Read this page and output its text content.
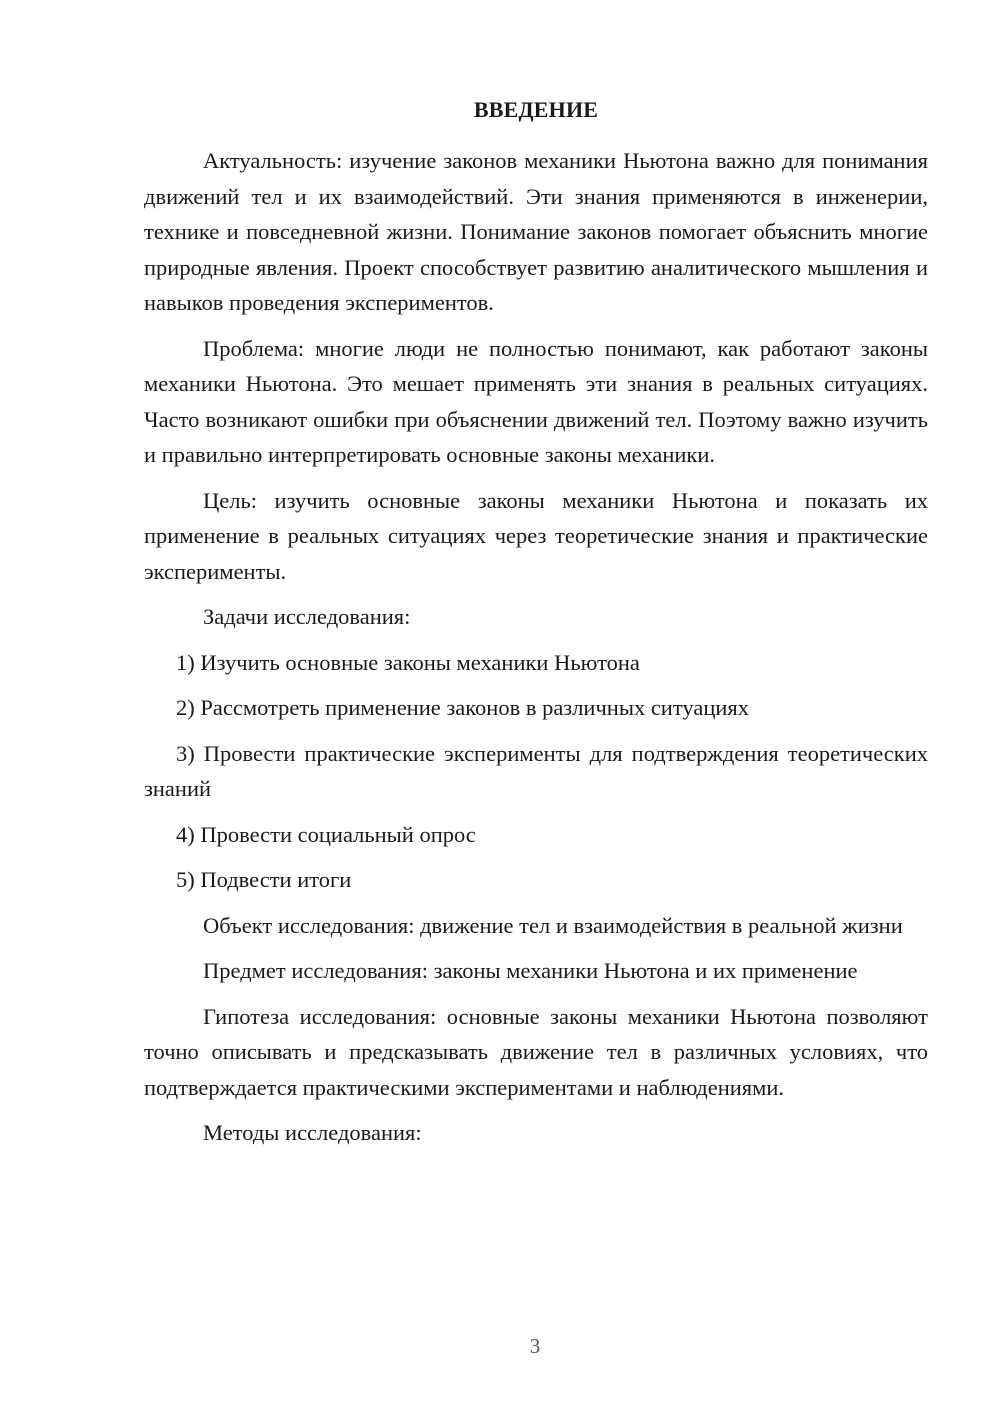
ВВЕДЕНИЕ

Актуальность: изучение законов механики Ньютона важно для понимания движений тел и их взаимодействий. Эти знания применяются в инженерии, технике и повседневной жизни. Понимание законов помогает объяснить многие природные явления. Проект способствует развитию аналитического мышления и навыков проведения экспериментов.

Проблема: многие люди не полностью понимают, как работают законы механики Ньютона. Это мешает применять эти знания в реальных ситуациях. Часто возникают ошибки при объяснении движений тел. Поэтому важно изучить и правильно интерпретировать основные законы механики.

Цель: изучить основные законы механики Ньютона и показать их применение в реальных ситуациях через теоретические знания и практические эксперименты.

Задачи исследования:

1) Изучить основные законы механики Ньютона

2) Рассмотреть применение законов в различных ситуациях

3) Провести практические эксперименты для подтверждения теоретических знаний

4) Провести социальный опрос

5) Подвести итоги

Объект исследования: движение тел и взаимодействия в реальной жизни

Предмет исследования: законы механики Ньютона и их применение

Гипотеза исследования: основные законы механики Ньютона позволяют точно описывать и предсказывать движение тел в различных условиях, что подтверждается практическими экспериментами и наблюдениями.

Методы исследования:

3
